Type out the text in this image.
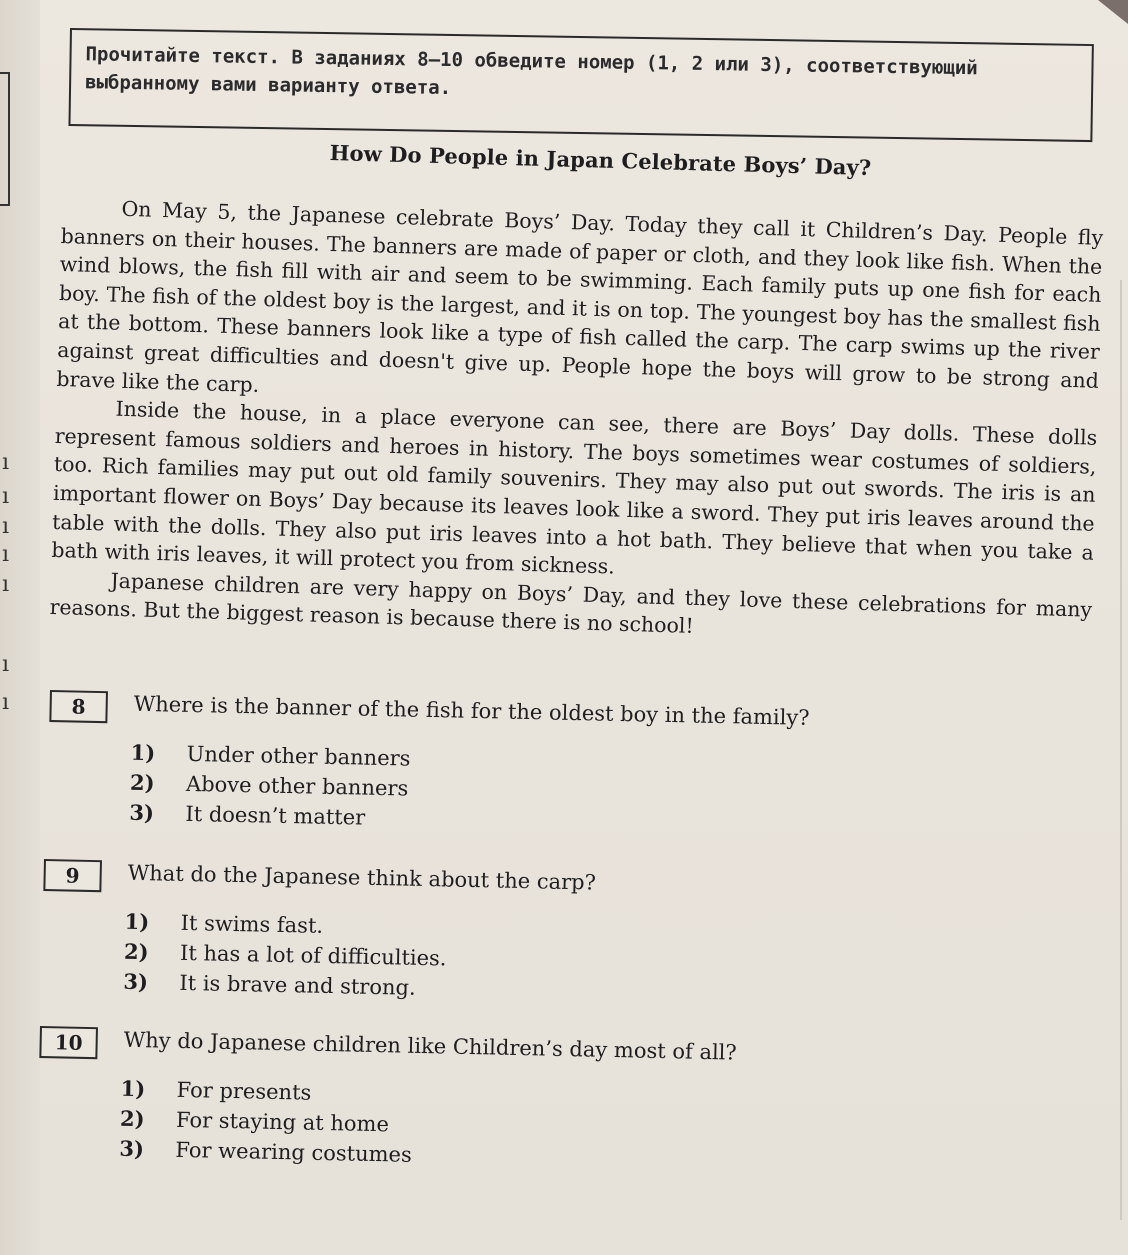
ı
ı
ı
ı
ı
ı
ı
Прочитайте текст. В заданиях 8–10 обведите номер (1, 2 или 3), соответствующий выбранному вами варианту ответа.
How Do People in Japan Celebrate Boys’ Day?

On May 5, the Japanese celebrate Boys’ Day. Today they call it Children’s Day. People fly banners on their houses. The banners are made of paper or cloth, and they look like fish. When the wind blows, the fish fill with air and seem to be swimming. Each family puts up one fish for each boy. The fish of the oldest boy is the largest, and it is on top. The youngest boy has the smallest fish at the bottom. These banners look like a type of fish called the carp. The carp swims up the river against great difficulties and doesn't give up. People hope the boys will grow to be strong and brave like the carp.

Inside the house, in a place everyone can see, there are Boys’ Day dolls. These dolls represent famous soldiers and heroes in history. The boys sometimes wear costumes of soldiers, too. Rich families may put out old family souvenirs. They may also put out swords. The iris is an important flower on Boys’ Day because its leaves look like a sword. They put iris leaves around the table with the dolls. They also put iris leaves into a hot bath. They believe that when you take a bath with iris leaves, it will protect you from sickness.

Japanese children are very happy on Boys’ Day, and they love these celebrations for many reasons. But the biggest reason is because there is no school!

8	Where is the banner of the fish for the oldest boy in the family?
1) Under other banners
2) Above other banners
3) It doesn’t matter
9	What do the Japanese think about the carp?
1) It swims fast.
2) It has a lot of difficulties.
3) It is brave and strong.
10	Why do Japanese children like Children’s day most of all?
1) For presents
2) For staying at home
3) For wearing costumes
